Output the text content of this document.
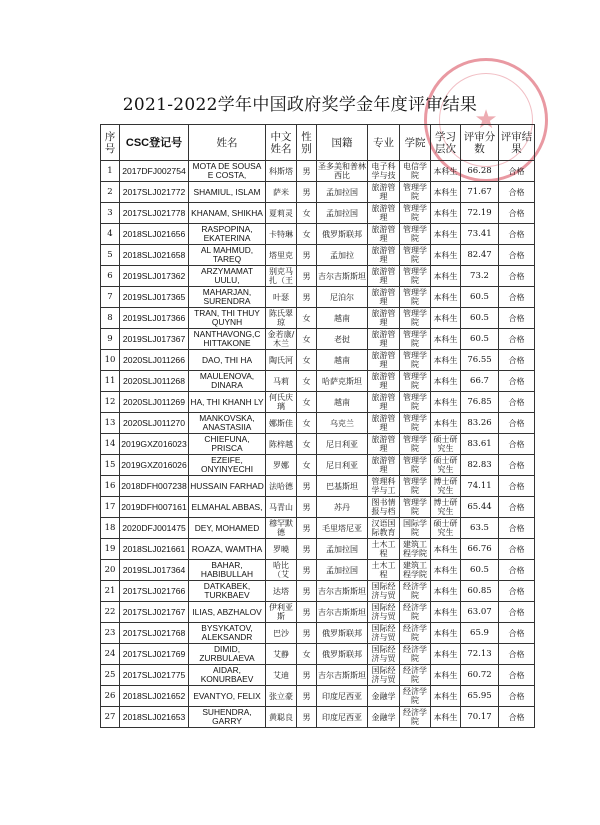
★
2021-2022学年中国政府奖学金年度评审结果
序号	CSC登记号	姓名	中文姓名	性别	国籍	专业	学院	学习层次	评审分数	评审结果
1	2017DFJ002754	MOTA DE SOUSA E COSTA,	科斯塔	男	圣多美和普林西比	电子科学与技	电信学院	本科生	66.28	合格
2	2017SLJ021772	SHAMIUL, ISLAM	萨米	男	孟加拉国	旅游管理	管理学院	本科生	71.67	合格
3	2017SLJ021778	KHANAM, SHIKHA	夏莉灵	女	孟加拉国	旅游管理	管理学院	本科生	72.19	合格
4	2018SLJ021656	RASPOPINA, EKATERINA	卡特琳	女	俄罗斯联邦	旅游管理	管理学院	本科生	73.41	合格
5	2018SLJ021658	AL MAHMUD, TAREQ	塔里克	男	孟加拉	旅游管理	管理学院	本科生	82.47	合格
6	2019SLJ017362	ARZYMAMAT UULU,	别克马扎（王	男	吉尔吉斯斯坦	旅游管理	管理学院	本科生	73.2	合格
7	2019SLJ017365	MAHARJAN, SURENDRA	叶瑟	男	尼泊尔	旅游管理	管理学院	本科生	60.5	合格
8	2019SLJ017366	TRAN, THI THUY QUYNH	陈氏翠琼	女	越南	旅游管理	管理学院	本科生	60.5	合格
9	2019SLJ017367	NANTHAVONG,C HITTAKONE	金若康/木兰	女	老挝	旅游管理	管理学院	本科生	60.5	合格
10	2020SLJ011266	DAO, THI HA	陶氏河	女	越南	旅游管理	管理学院	本科生	76.55	合格
11	2020SLJ011268	MAULENOVA, DINARA	马莉	女	哈萨克斯坦	旅游管理	管理学院	本科生	66.7	合格
12	2020SLJ011269	HA, THI KHANH LY	何氏庆璃	女	越南	旅游管理	管理学院	本科生	76.85	合格
13	2020SLJ011270	MANKOVSKA, ANASTASIIA	娜斯佳	女	乌克兰	旅游管理	管理学院	本科生	83.26	合格
14	2019GXZ016023	CHIEFUNA, PRISCA	陈梓越	女	尼日利亚	旅游管理	管理学院	硕士研究生	83.61	合格
15	2019GXZ016026	EZEIFE, ONYINYECHI	罗娜	女	尼日利亚	旅游管理	管理学院	硕士研究生	82.83	合格
16	2018DFH007238	HUSSAIN FARHAD	法哈德	男	巴基斯坦	管理科学与工	管理学院	博士研究生	74.11	合格
17	2019DFH007161	ELMAHAL ABBAS,	马青山	男	苏丹	图书情报与档	管理学院	博士研究生	65.44	合格
18	2020DFJ001475	DEY, MOHAMED	穆罕默德	男	毛里塔尼亚	汉语国际教育	国际学院	硕士研究生	63.5	合格
19	2018SLJ021661	ROAZA, WAMTHA	罗曉	男	孟加拉国	土木工程	建筑工程学院	本科生	66.76	合格
20	2019SLJ017364	BAHAR, HABIBULLAH	哈比（艾	男	孟加拉国	土木工程	建筑工程学院	本科生	60.5	合格
21	2017SLJ021766	DATKABEK, TURKBAEV	达塔	男	吉尔吉斯斯坦	国际经济与贸	经济学院	本科生	60.85	合格
22	2017SLJ021767	ILIAS, ABZHALOV	伊利亚斯	男	吉尔吉斯斯坦	国际经济与贸	经济学院	本科生	63.07	合格
23	2017SLJ021768	BYSYKATOV, ALEKSANDR	巴沙	男	俄罗斯联邦	国际经济与贸	经济学院	本科生	65.9	合格
24	2017SLJ021769	DIMID, ZURBULAEVA	艾静	女	俄罗斯联邦	国际经济与贸	经济学院	本科生	72.13	合格
25	2017SLJ021775	AIDAR, KONURBAEV	艾迪	男	吉尔吉斯斯坦	国际经济与贸	经济学院	本科生	60.72	合格
26	2018SLJ021652	EVANTYO, FELIX	张立豪	男	印度尼西亚	金融学	经济学院	本科生	65.95	合格
27	2018SLJ021653	SUHENDRA, GARRY	黄聪良	男	印度尼西亚	金融学	经济学院	本科生	70.17	合格
